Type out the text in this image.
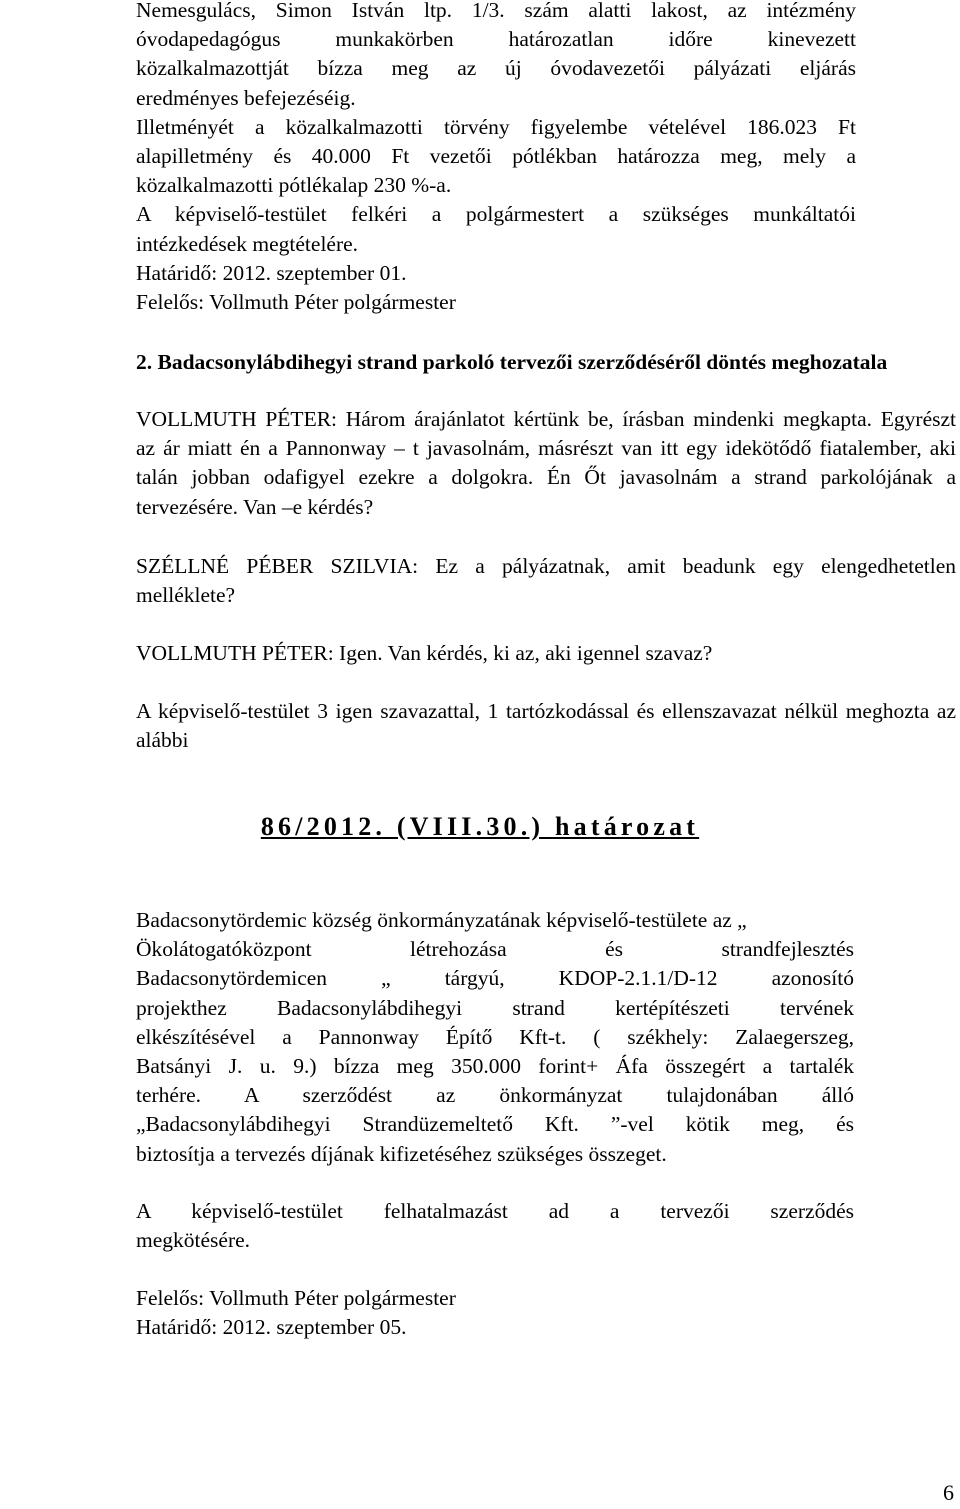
Nemesgulács, Simon István ltp. 1/3. szám alatti lakost, az intézmény
óvodapedagógus munkakörben határozatlan időre kinevezett
közalkalmazottját bízza meg az új óvodavezetői pályázati eljárás
eredményes befejezéséig.
Illetményét a közalkalmazotti törvény figyelembe vételével 186.023 Ft
alapilletmény és 40.000 Ft vezetői pótlékban határozza meg, mely a
közalkalmazotti pótlékalap 230 %-a.
A képviselő-testület felkéri a polgármestert a szükséges munkáltatói
intézkedések megtételére.
Határidő: 2012. szeptember 01.
Felelős: Vollmuth Péter polgármester
2. Badacsonylábdihegyi strand parkoló tervezői szerződéséről döntés meghozatala
VOLLMUTH PÉTER: Három árajánlatot kértünk be, írásban mindenki megkapta. Egyrészt
az ár miatt én a Pannonway – t javasolnám, másrészt van itt egy idekötődő fiatalember, aki
talán jobban odafigyel ezekre a dolgokra. Én Őt javasolnám a strand parkolójának a
tervezésére. Van –e kérdés?
SZÉLLNÉ PÉBER SZILVIA: Ez a pályázatnak, amit beadunk egy elengedhetetlen
melléklete?
VOLLMUTH PÉTER: Igen. Van kérdés, ki az, aki igennel szavaz?
A képviselő-testület 3 igen szavazattal, 1 tartózkodással és ellenszavazat nélkül meghozta az
alábbi
86/2012. (VIII.30.) határozat
Badacsonytördemic község önkormányzatának képviselő-testülete az „
Ökolátogatóközpont létrehozása és strandfejlesztés
Badacsonytördemicen „ tárgyú, KDOP-2.1.1/D-12 azonosító
projekthez Badacsonylábdihegyi strand kertépítészeti tervének
elkészítésével a Pannonway Építő Kft-t. ( székhely: Zalaegerszeg,
Batsányi J. u. 9.) bízza meg 350.000 forint+ Áfa összegért a tartalék
terhére. A szerződést az önkormányzat tulajdonában álló
„Badacsonylábdihegyi Strandüzemeltető Kft. ”-vel kötik meg, és
biztosítja a tervezés díjának kifizetéséhez szükséges összeget.
A képviselő-testület felhatalmazást ad a tervezői szerződés
megkötésére.
Felelős: Vollmuth Péter polgármester
Határidő: 2012. szeptember 05.
6
